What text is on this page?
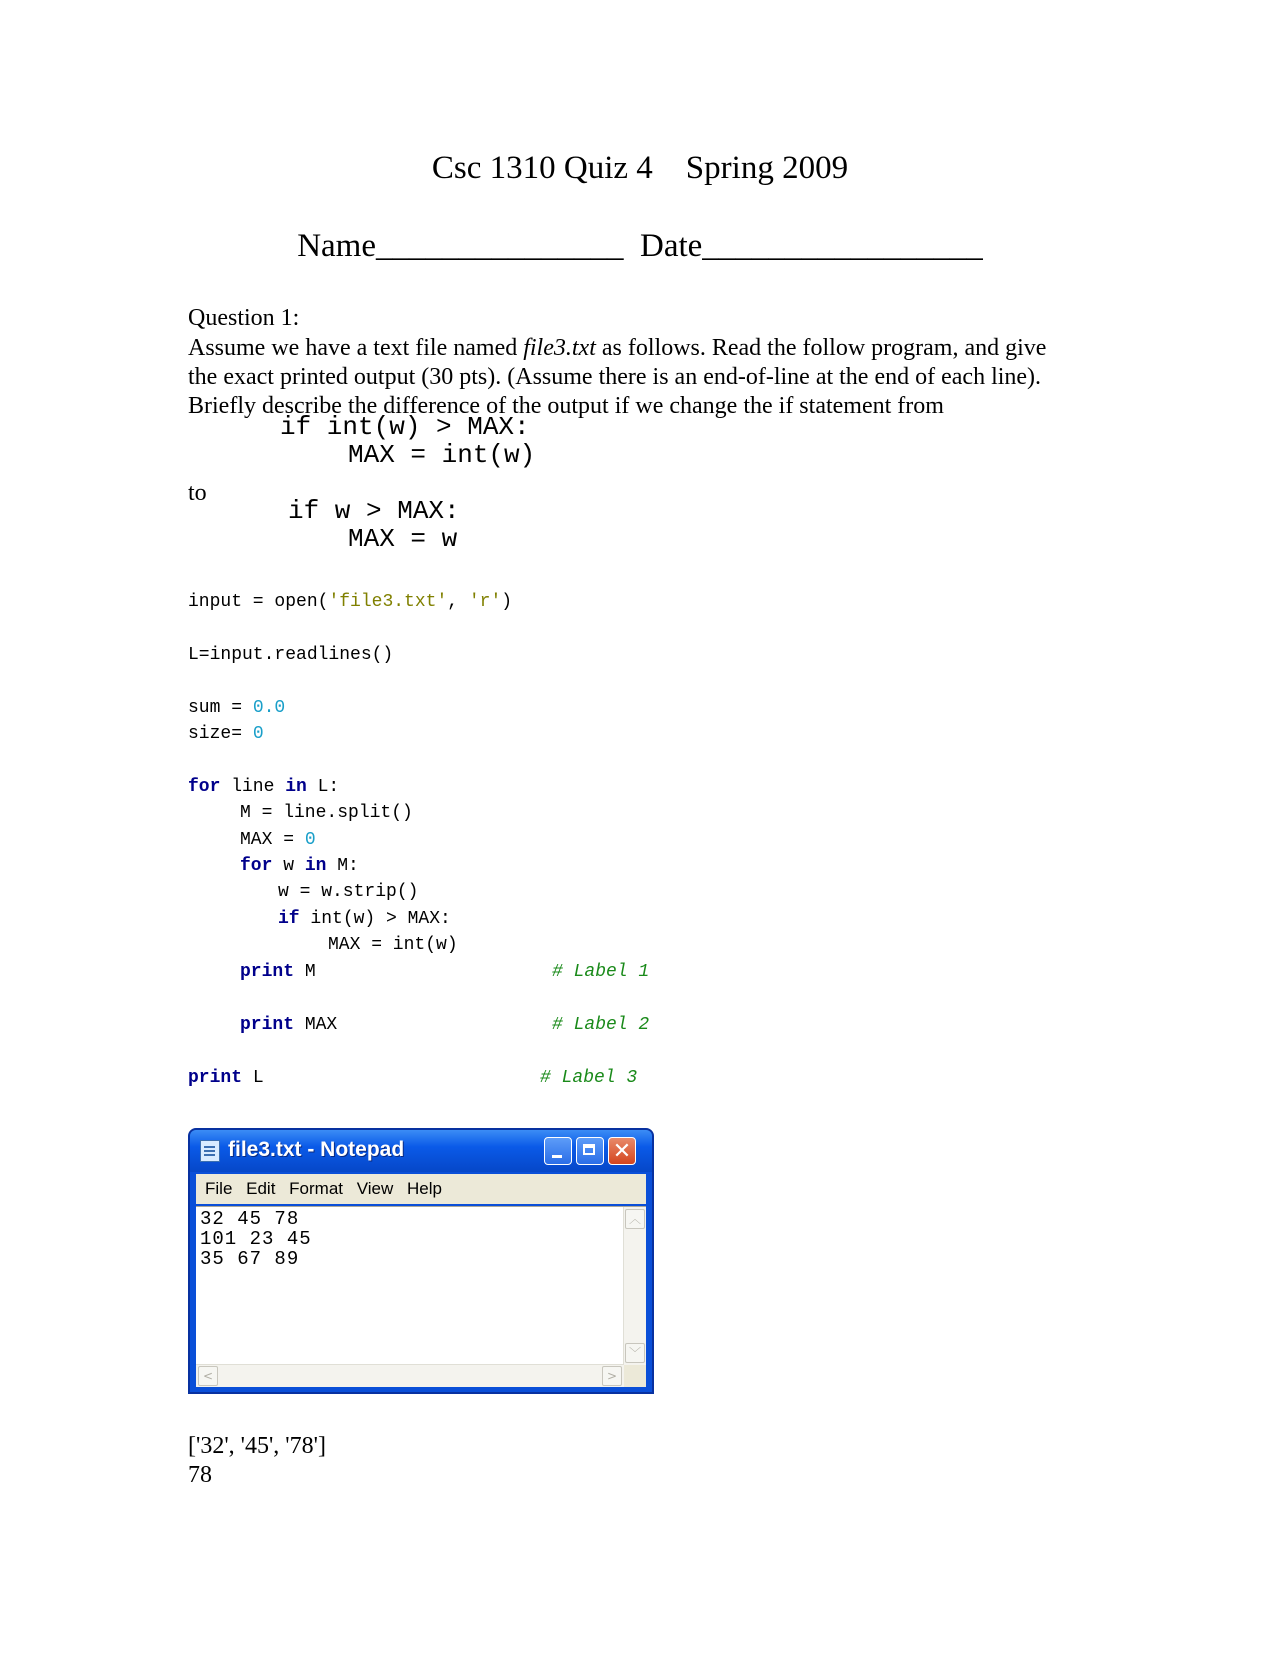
Csc 1310 Quiz 4    Spring 2009
Name_______________  Date_________________
Question 1:

Assume we have a text file named file3.txt as follows. Read the follow program, and give

the exact printed output (30 pts). (Assume there is an end-of-line at the end of each line).

Briefly describe the difference of the output if we change the if statement from

if int(w) > MAX:
MAX = int(w)
to
if w > MAX:
MAX = w
input = open('file3.txt', 'r')
L=input.readlines()
sum = 0.0
size= 0
for line in L:
M = line.split()
MAX = 0
for w in M:
w = w.strip()
if int(w) > MAX:
MAX = int(w)
print M	# Label 1
print MAX	# Label 2
print L	# Label 3
file3.txt - Notepad	✕
File Edit Format View Help
32 45 78
101 23 45
35 67 89
︿
﹀
<	>
['32', '45', '78']
78
